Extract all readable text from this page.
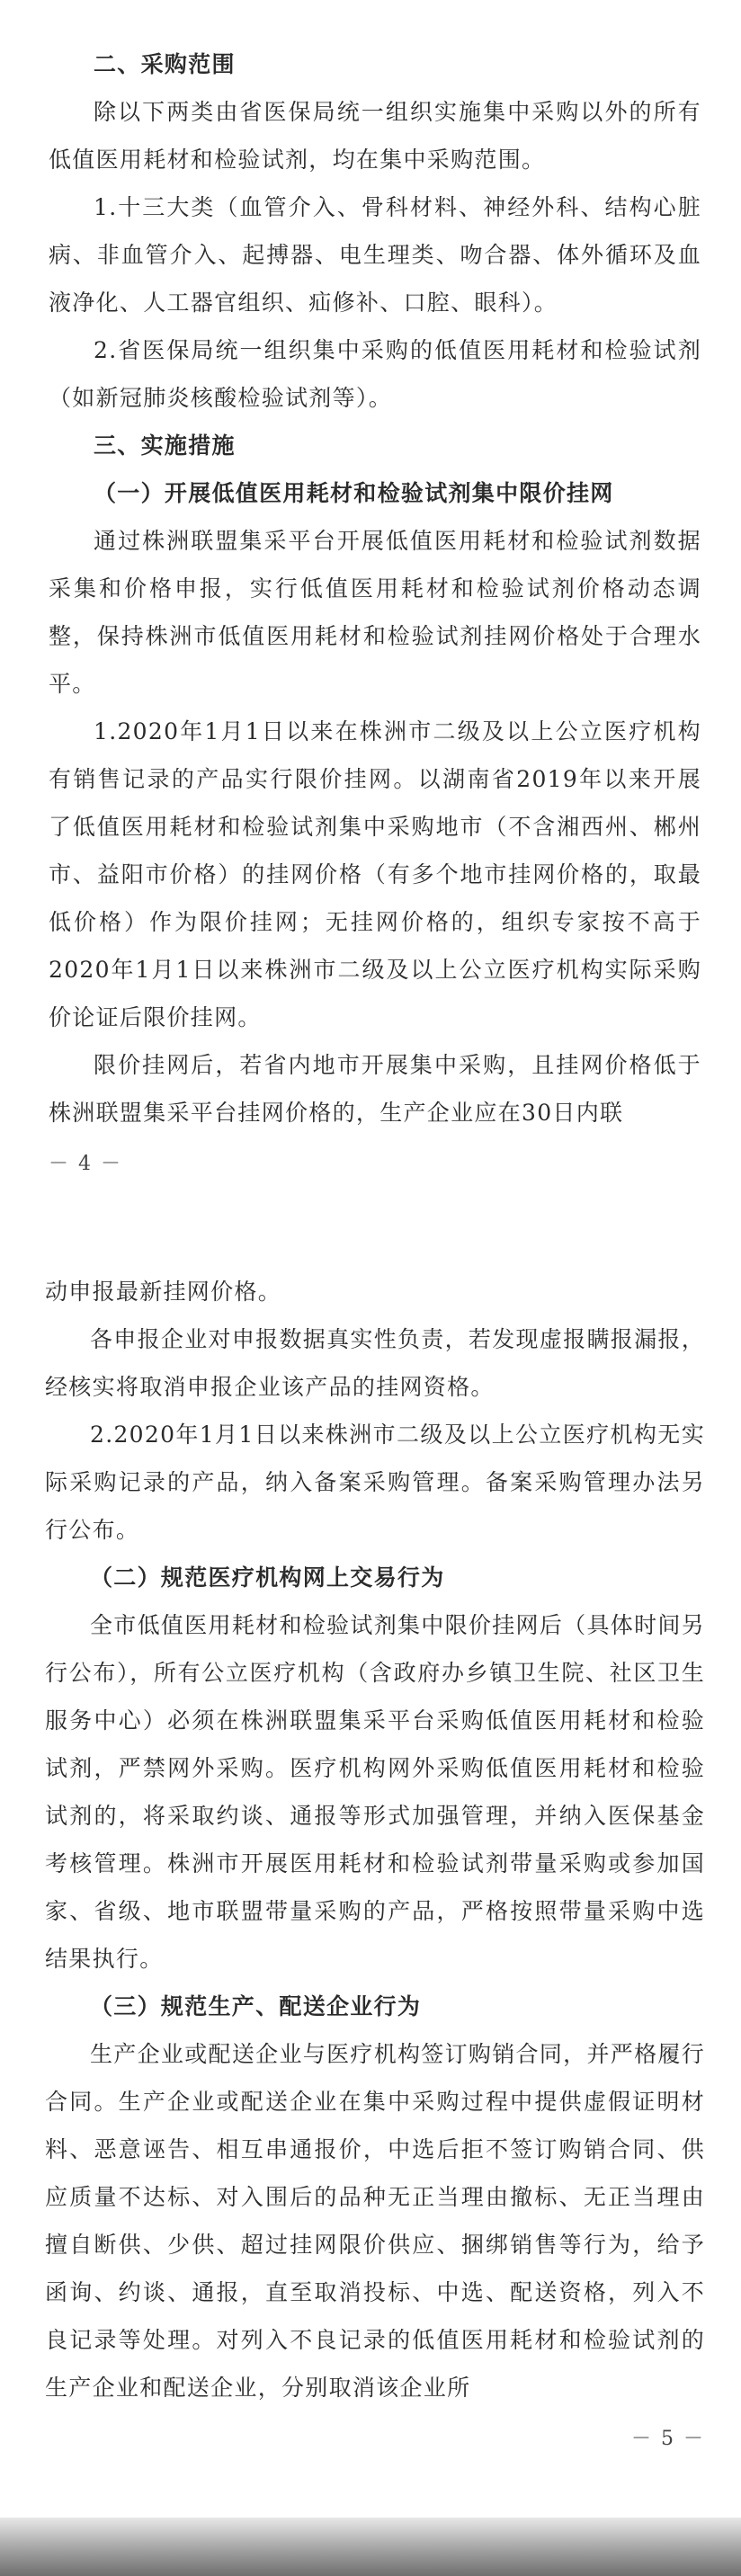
二、采购范围

除以下两类由省医保局统一组织实施集中采购以外的所有低值医用耗材和检验试剂，均在集中采购范围。

1.十三大类（血管介入、骨科材料、神经外科、结构心脏病、非血管介入、起搏器、电生理类、吻合器、体外循环及血液净化、人工器官组织、疝修补、口腔、眼科）。

2.省医保局统一组织集中采购的低值医用耗材和检验试剂（如新冠肺炎核酸检验试剂等）。

三、实施措施

（一）开展低值医用耗材和检验试剂集中限价挂网

通过株洲联盟集采平台开展低值医用耗材和检验试剂数据采集和价格申报，实行低值医用耗材和检验试剂价格动态调整，保持株洲市低值医用耗材和检验试剂挂网价格处于合理水平。

1.2020年1月1日以来在株洲市二级及以上公立医疗机构有销售记录的产品实行限价挂网。以湖南省2019年以来开展了低值医用耗材和检验试剂集中采购地市（不含湘西州、郴州市、益阳市价格）的挂网价格（有多个地市挂网价格的，取最低价格）作为限价挂网；无挂网价格的，组织专家按不高于2020年1月1日以来株洲市二级及以上公立医疗机构实际采购价论证后限价挂网。

限价挂网后，若省内地市开展集中采购，且挂网价格低于株洲联盟集采平台挂网价格的，生产企业应在30日内联

－ 4 －

动申报最新挂网价格。

各申报企业对申报数据真实性负责，若发现虚报瞒报漏报，经核实将取消申报企业该产品的挂网资格。

2.2020年1月1日以来株洲市二级及以上公立医疗机构无实际采购记录的产品，纳入备案采购管理。备案采购管理办法另行公布。

（二）规范医疗机构网上交易行为

全市低值医用耗材和检验试剂集中限价挂网后（具体时间另行公布），所有公立医疗机构（含政府办乡镇卫生院、社区卫生服务中心）必须在株洲联盟集采平台采购低值医用耗材和检验试剂，严禁网外采购。医疗机构网外采购低值医用耗材和检验试剂的，将采取约谈、通报等形式加强管理，并纳入医保基金考核管理。株洲市开展医用耗材和检验试剂带量采购或参加国家、省级、地市联盟带量采购的产品，严格按照带量采购中选结果执行。

（三）规范生产、配送企业行为

生产企业或配送企业与医疗机构签订购销合同，并严格履行合同。生产企业或配送企业在集中采购过程中提供虚假证明材料、恶意诬告、相互串通报价，中选后拒不签订购销合同、供应质量不达标、对入围后的品种无正当理由撤标、无正当理由擅自断供、少供、超过挂网限价供应、捆绑销售等行为，给予函询、约谈、通报，直至取消投标、中选、配送资格，列入不良记录等处理。对列入不良记录的低值医用耗材和检验试剂的生产企业和配送企业，分别取消该企业所

－ 5 －
